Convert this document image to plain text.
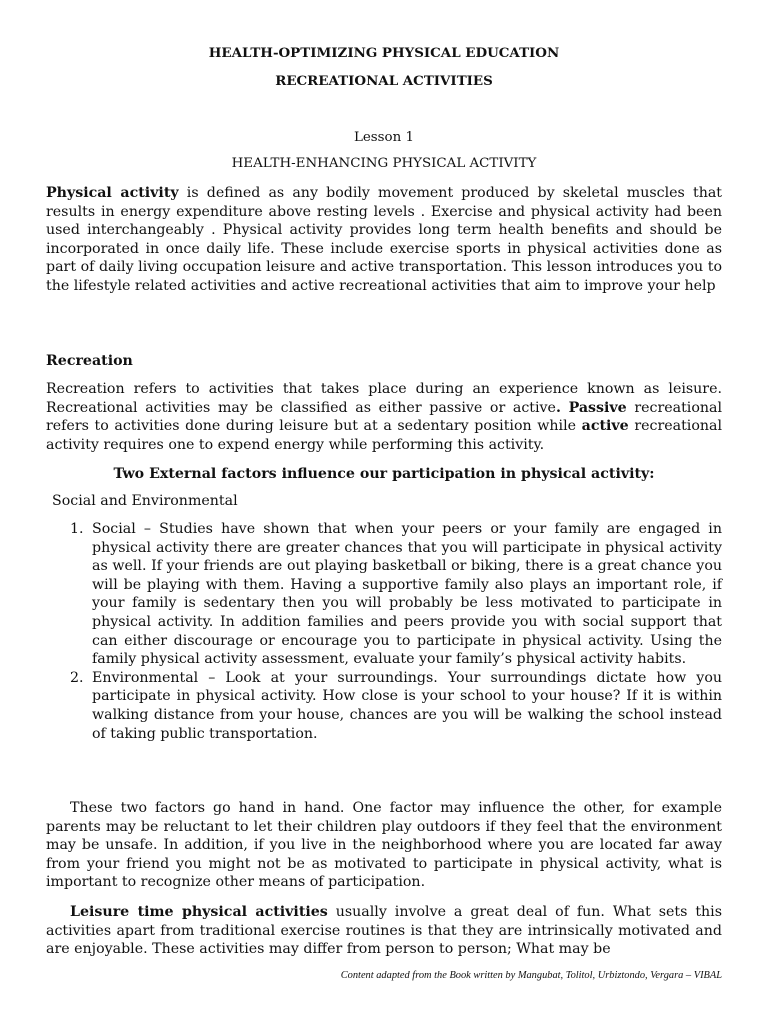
HEALTH-OPTIMIZING PHYSICAL EDUCATION
RECREATIONAL ACTIVITIES
Lesson 1
HEALTH-ENHANCING PHYSICAL ACTIVITY

Physical activity is defined as any bodily movement produced by skeletal muscles that results in energy expenditure above resting levels . Exercise and physical activity had been used interchangeably . Physical activity provides long term health benefits and should be incorporated in once daily life. These include exercise sports in physical activities done as part of daily living occupation leisure and active transportation. This lesson introduces you to the lifestyle related activities and active recreational activities that aim to improve your help

Recreation

Recreation refers to activities that takes place during an experience known as leisure. Recreational activities may be classified as either passive or active. Passive recreational refers to activities done during leisure but at a sedentary position while active recreational activity requires one to expend energy while performing this activity.

Two External factors influence our participation in physical activity:
Social and Environmental
1. Social – Studies have shown that when your peers or your family are engaged in physical activity there are greater chances that you will participate in physical activity as well. If your friends are out playing basketball or biking, there is a great chance you will be playing with them. Having a supportive family also plays an important role, if your family is sedentary then you will probably be less motivated to participate in physical activity. In addition families and peers provide you with social support that can either discourage or encourage you to participate in physical activity. Using the family physical activity assessment, evaluate your family’s physical activity habits.
2. Environmental – Look at your surroundings. Your surroundings dictate how you participate in physical activity. How close is your school to your house? If it is within walking distance from your house, chances are you will be walking the school instead of taking public transportation.

These two factors go hand in hand. One factor may influence the other, for example parents may be reluctant to let their children play outdoors if they feel that the environment may be unsafe. In addition, if you live in the neighborhood where you are located far away from your friend you might not be as motivated to participate in physical activity, what is important to recognize other means of participation.

Leisure time physical activities usually involve a great deal of fun. What sets this activities apart from traditional exercise routines is that they are intrinsically motivated and are enjoyable. These activities may differ from person to person; What may be

Content adapted from the Book written by Mangubat, Tolitol, Urbiztondo, Vergara – VIBAL
